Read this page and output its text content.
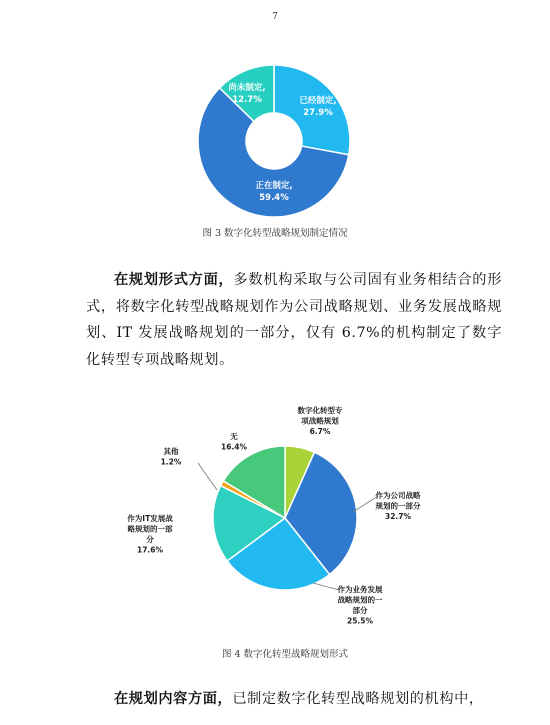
7
已经制定, 27.9%
正在制定, 59.4%
尚未制定, 12.7%
图 3 数字化转型战略规划制定情况

在规划形式方面，多数机构采取与公司固有业务相结合的形式，将数字化转型战略规划作为公司战略规划、业务发展战略规划、IT 发展战略规划的一部分，仅有 6.7%的机构制定了数字化转型专项战略规划。

数字化转型专项战略规划 6.7%
作为公司战略规划的一部分 32.7%
作为业务发展战略规划的一部分 25.5%
作为IT发展战略规划的一部分 17.6%
其他 1.2%
无 16.4%
图 4 数字化转型战略规划形式

在规划内容方面，已制定数字化转型战略规划的机构中，
